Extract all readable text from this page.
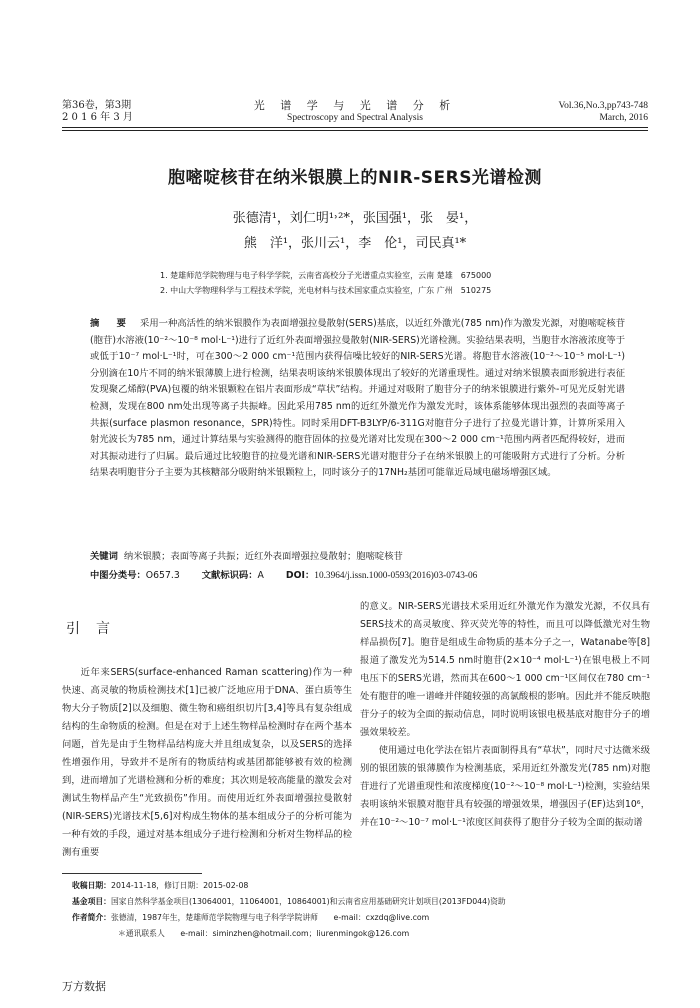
第36卷，第3期
2 0 1 6 年 3 月
光 谱 学 与 光 谱 分 析
Spectroscopy and Spectral Analysis
Vol.36,No.3,pp743-748
March, 2016
胞嘧啶核苷在纳米银膜上的NIR-SERS光谱检测
张德清¹，刘仁明¹˒²*，张国强¹，张　晏¹，
熊　洋¹，张川云¹，李　伦¹，司民真¹*
1. 楚雄师范学院物理与电子科学学院，云南省高校分子光谱重点实验室，云南 楚雄　675000
2. 中山大学物理科学与工程技术学院，光电材料与技术国家重点实验室，广东 广州　510275
摘　要 采用一种高活性的纳米银膜作为表面增强拉曼散射(SERS)基底，以近红外激光(785 nm)作为激发光源，对胞嘧啶核苷(胞苷)水溶液(10⁻²～10⁻⁸ mol·L⁻¹)进行了近红外表面增强拉曼散射(NIR-SERS)光谱检测。实验结果表明，当胞苷水溶液浓度等于或低于10⁻⁷ mol·L⁻¹时，可在300～2 000 cm⁻¹范围内获得信噪比较好的NIR-SERS光谱。将胞苷水溶液(10⁻²～10⁻⁵ mol·L⁻¹)分别滴在10片不同的纳米银薄膜上进行检测，结果表明该纳米银膜体现出了较好的光谱重现性。通过对纳米银膜表面形貌进行表征发现聚乙烯醇(PVA)包覆的纳米银颗粒在铝片表面形成“草状”结构。并通过对吸附了胞苷分子的纳米银膜进行紫外-可见光反射光谱检测，发现在800 nm处出现等离子共振峰。因此采用785 nm的近红外激光作为激发光时，该体系能够体现出强烈的表面等离子共振(surface plasmon resonance，SPR)特性。同时采用DFT-B3LYP/6-311G对胞苷分子进行了拉曼光谱计算，计算所采用入射光波长为785 nm，通过计算结果与实验测得的胞苷固体的拉曼光谱对比发现在300～2 000 cm⁻¹范围内两者匹配得较好，进而对其振动进行了归属。最后通过比较胞苷的拉曼光谱和NIR-SERS光谱对胞苷分子在纳米银膜上的可能吸附方式进行了分析。分析结果表明胞苷分子主要为其核糖部分吸附纳米银颗粒上，同时该分子的17NH₂基团可能靠近局域电磁场增强区域。
关键词 纳米银膜；表面等离子共振；近红外表面增强拉曼散射；胞嘧啶核苷
中图分类号：O657.3 文献标识码：A DOI：10.3964/j.issn.1000-0593(2016)03-0743-06
引言

近年来SERS(surface-enhanced Raman scattering)作为一种快速、高灵敏的物质检测技术[1]已被广泛地应用于DNA、蛋白质等生物大分子物质[2]以及细胞、微生物和癌组织切片[3,4]等具有复杂组成结构的生命物质的检测。但是在对于上述生物样品检测时存在两个基本问题，首先是由于生物样品结构庞大并且组成复杂，以及SERS的选择性增强作用，导致并不是所有的物质结构或基团都能够被有效的检测到，进而增加了光谱检测和分析的难度；其次则是较高能量的激发会对测试生物样品产生“光致损伤”作用。而使用近红外表面增强拉曼散射(NIR-SERS)光谱技术[5,6]对构成生物体的基本组成分子的分析可能为一种有效的手段，通过对基本组成分子进行检测和分析对生物样品的检测有重要

的意义。NIR-SERS光谱技术采用近红外激光作为激发光源，不仅具有SERS技术的高灵敏度、猝灭荧光等的特性，而且可以降低激光对生物样品损伤[7]。胞苷是组成生命物质的基本分子之一，Watanabe等[8]报道了激发光为514.5 nm时胞苷(2×10⁻⁴ mol·L⁻¹)在银电极上不同电压下的SERS光谱，然而其在600～1 000 cm⁻¹区间仅在780 cm⁻¹处有胞苷的唯一谱峰并伴随较强的高氯酸根的影响。因此并不能反映胞苷分子的较为全面的振动信息，同时说明该银电极基底对胞苷分子的增强效果较差。

使用通过电化学法在铝片表面制得具有“草状”，同时尺寸达微米级别的银团簇的银薄膜作为检测基底，采用近红外激发光(785 nm)对胞苷进行了光谱重现性和浓度梯度(10⁻²～10⁻⁸ mol·L⁻¹)检测，实验结果表明该纳米银膜对胞苷具有较强的增强效果，增强因子(EF)达到10⁶，并在10⁻²～10⁻⁷ mol·L⁻¹浓度区间获得了胞苷分子较为全面的振动谱

收稿日期：2014-11-18，修订日期：2015-02-08
基金项目：国家自然科学基金项目(13064001，11064001，10864001)和云南省应用基础研究计划项目(2013FD044)资助
作者简介：张德清，1987年生，楚雄师范学院物理与电子科学学院讲师　　e-mail：cxzdq@live.com
＊通讯联系人　　e-mail：siminzhen@hotmail.com；liurenmingok@126.com
万方数据
